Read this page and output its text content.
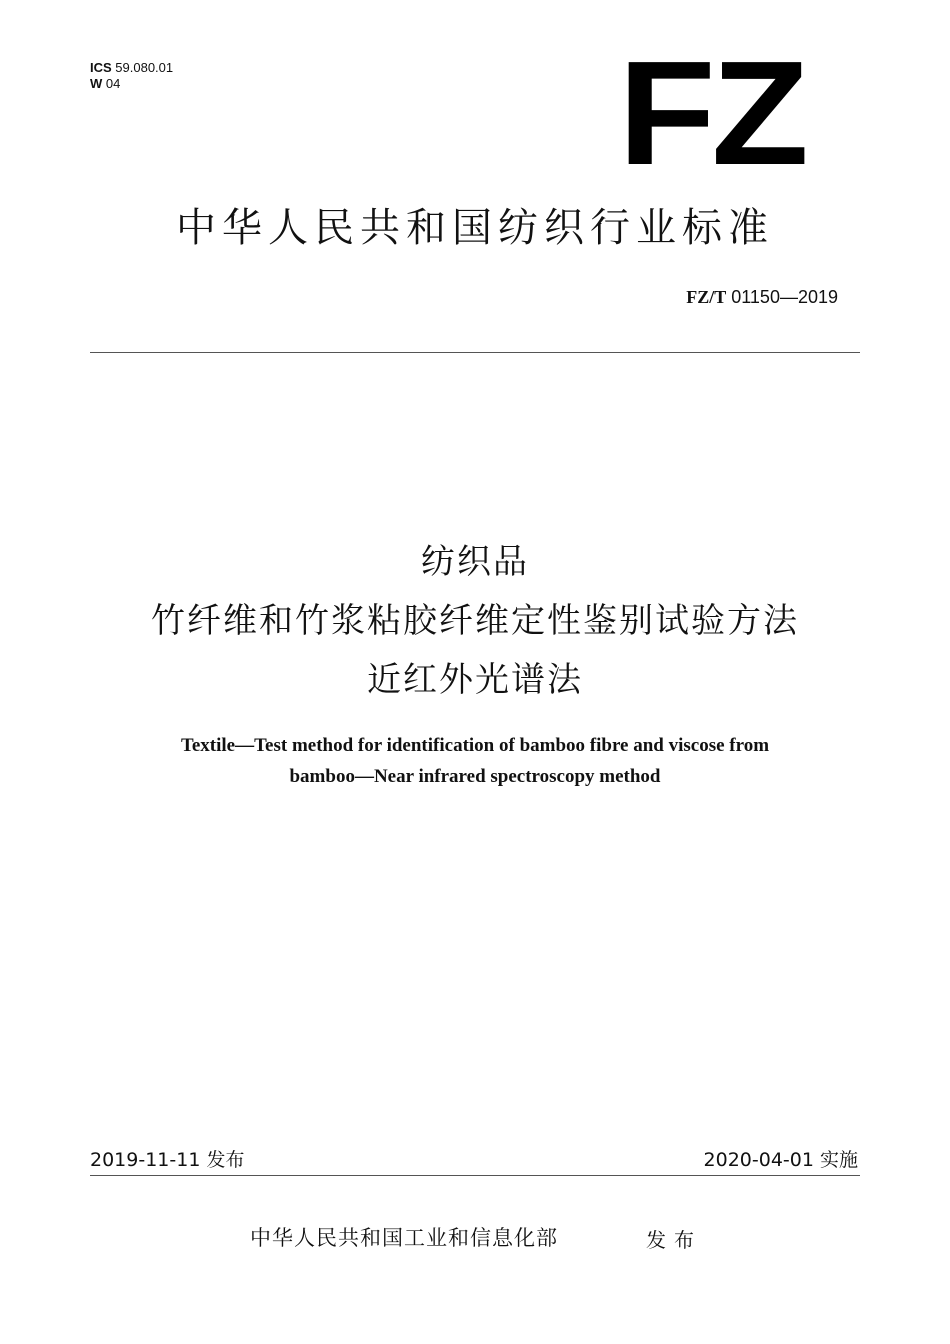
ICS 59.080.01
W 04	FZ
中华人民共和国纺织行业标准
FZ/T 01150—2019
纺织品
竹纤维和竹浆粘胶纤维定性鉴别试验方法
近红外光谱法
Textile—Test method for identification of bamboo fibre and viscose from
bamboo—Near infrared spectroscopy method
2019-11-11 发布	2020-04-01 实施
中华人民共和国工业和信息化部	发布
